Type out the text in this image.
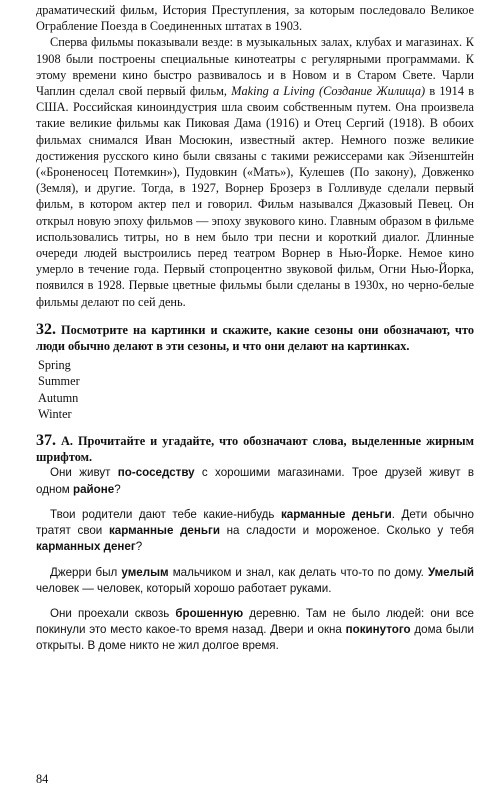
драматический фильм, История Преступления, за которым последовало Великое Ограбление Поезда в Соединенных штатах в 1903.

Сперва фильмы показывали везде: в музыкальных залах, клубах и магазинах. К 1908 были построены специальные кинотеатры с регулярными программами. К этому времени кино быстро развивалось и в Новом и в Старом Свете. Чарли Чаплин сделал свой первый фильм, Making a Living (Создание Жилища) в 1914 в США. Российская киноиндустрия шла своим собственным путем. Она произвела такие великие фильмы как Пиковая Дама (1916) и Отец Сергий (1918). В обоих фильмах снимался Иван Мосюкин, известный актер. Немного позже великие достижения русского кино были связаны с такими режиссерами как Эйзенштейн («Броненосец Потемкин»), Пудовкин («Мать»), Кулешев (По закону), Довженко (Земля), и другие. Тогда, в 1927, Ворнер Брозерз в Голливуде сделали первый фильм, в котором актер пел и говорил. Фильм назывался Джазовый Певец. Он открыл новую эпоху фильмов — эпоху звукового кино. Главным образом в фильме использовались титры, но в нем было три песни и короткий диалог. Длинные очереди людей выстроились перед театром Ворнер в Нью-Йорке. Немое кино умерло в течение года. Первый стопроцентно звуковой фильм, Огни Нью-Йорка, появился в 1928. Первые цветные фильмы были сделаны в 1930х, но черно-белые фильмы делают по сей день.

32. Посмотрите на картинки и скажите, какие сезоны они обозначают, что люди обычно делают в эти сезоны, и что они делают на картинках.

Spring
Summer
Autumn
Winter

37. А. Прочитайте и угадайте, что обозначают слова, выделенные жирным шрифтом.

Они живут по-соседству с хорошими магазинами. Трое друзей живут в одном районе?

Твои родители дают тебе какие-нибудь карманные деньги. Дети обычно тратят свои карманные деньги на сладости и мороженое. Сколько у тебя карманных денег?

Джерри был умелым мальчиком и знал, как делать что-то по дому. Умелый человек — человек, который хорошо работает руками.

Они проехали сквозь брошенную деревню. Там не было людей: они все покинули это место какое-то время назад. Двери и окна покинутого дома были открыты. В доме никто не жил долгое время.

84
